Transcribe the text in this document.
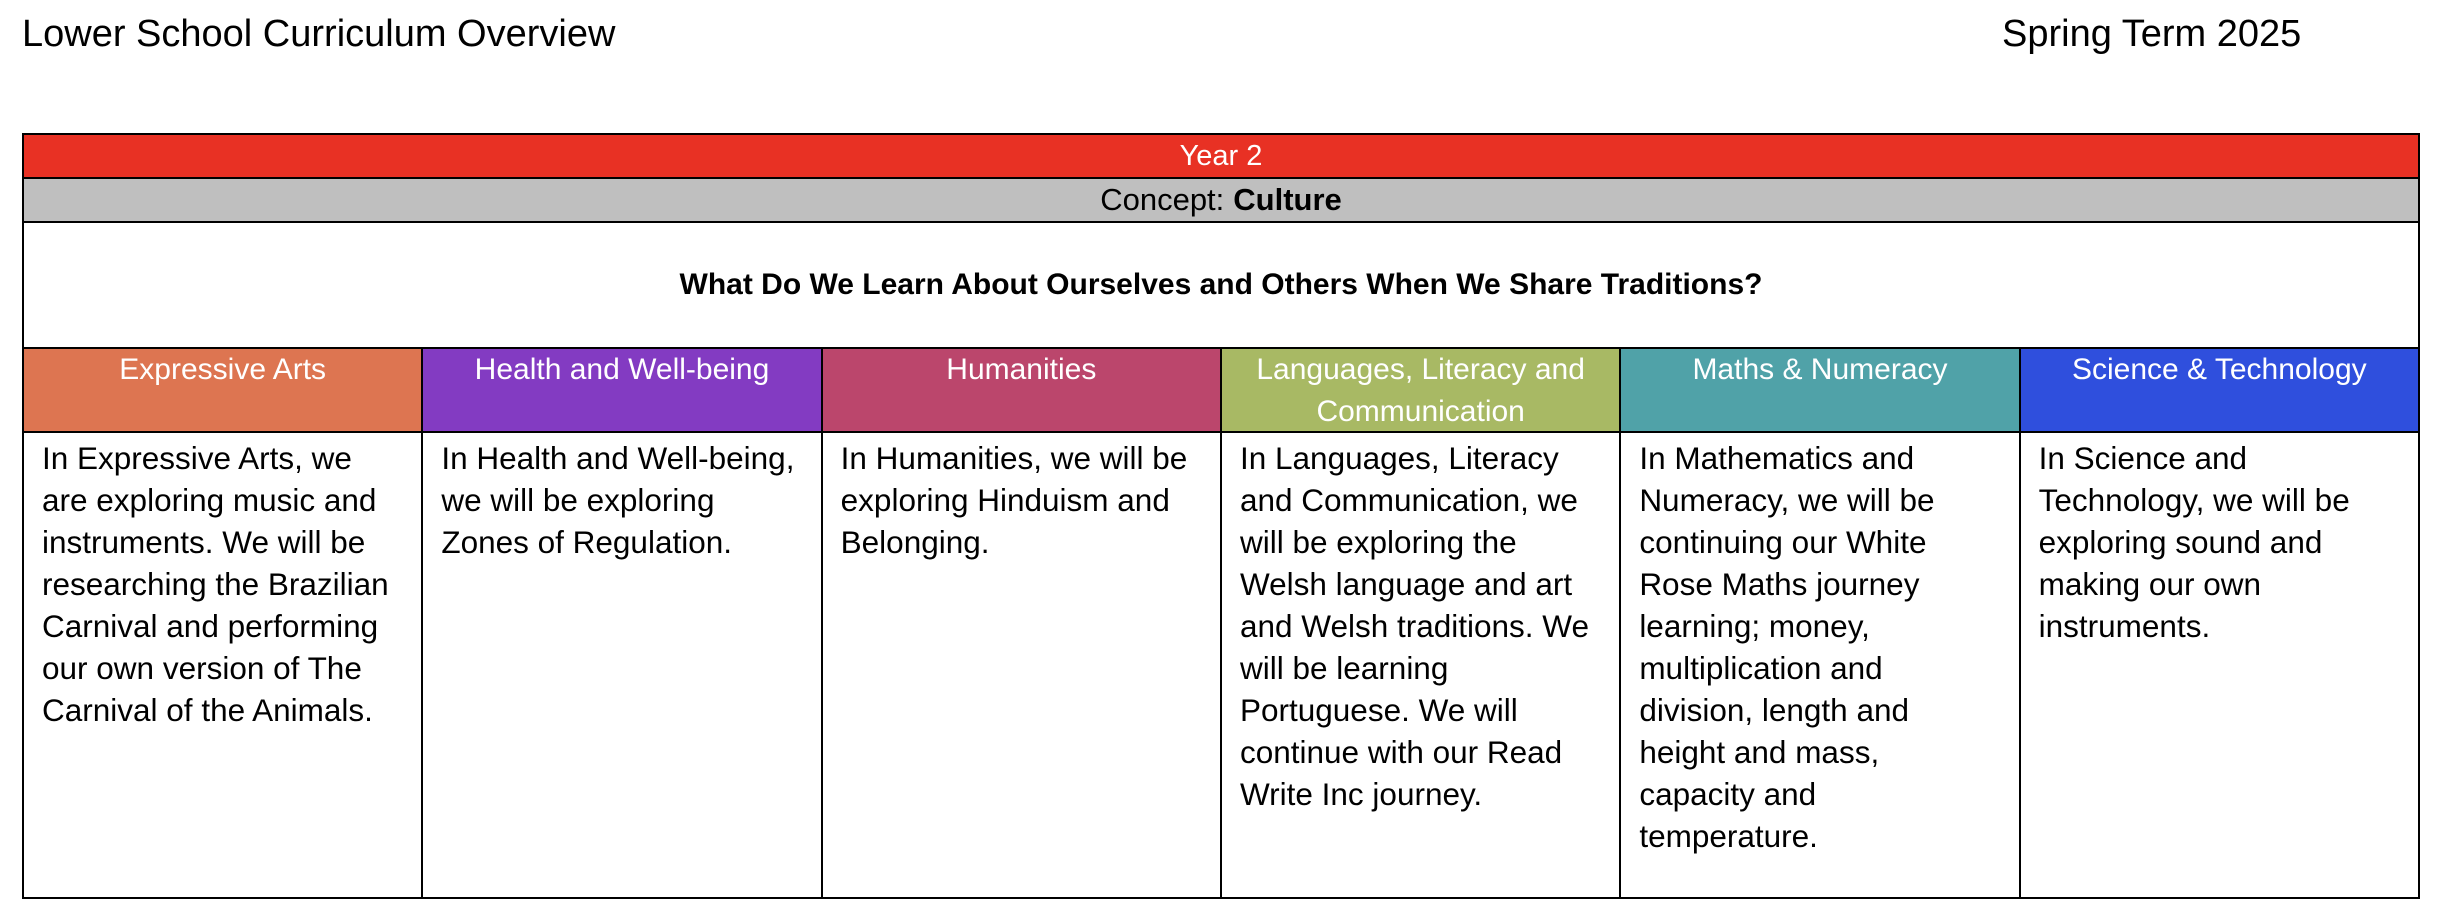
Lower School Curriculum Overview	Spring Term 2025
Year 2
Concept: Culture
What Do We Learn About Ourselves and Others When We Share Traditions?
Expressive Arts
In Expressive Arts, we are exploring music and instruments. We will be researching the Brazilian Carnival and performing our own version of The Carnival of the Animals.
Health and Well-being
In Health and Well-being, we will be exploring Zones of Regulation.
Humanities
In Humanities, we will be exploring Hinduism and Belonging.
Languages, Literacy and Communication
In Languages, Literacy and Communication, we will be exploring the Welsh language and art and Welsh traditions. We will be learning Portuguese. We will continue with our Read Write Inc journey.
Maths & Numeracy
In Mathematics and Numeracy, we will be continuing our White Rose Maths journey learning; money, multiplication and division, length and height and mass, capacity and temperature.
Science & Technology
In Science and Technology, we will be exploring sound and making our own instruments.
